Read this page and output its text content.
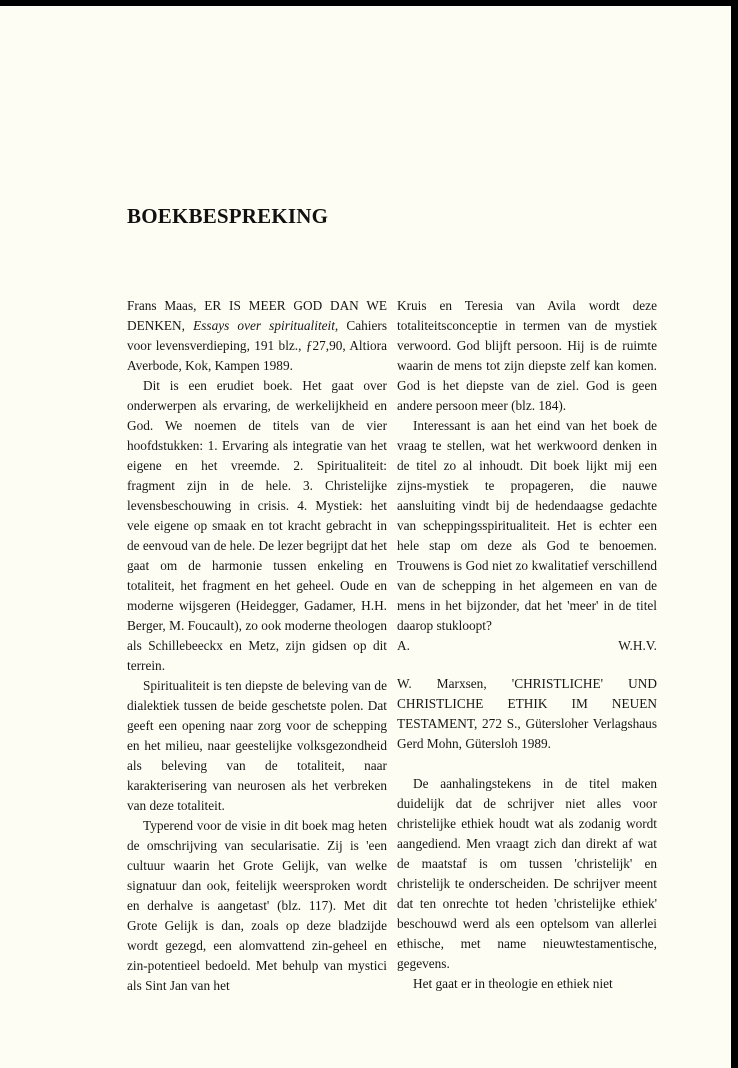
BOEKBESPREKING

Frans Maas, ER IS MEER GOD DAN WE DENKEN, Essays over spiritualiteit, Cahiers voor levensverdieping, 191 blz., ƒ27,90, Altiora Averbode, Kok, Kampen 1989.

Dit is een erudiet boek. Het gaat over onderwerpen als ervaring, de werkelijkheid en God. We noemen de titels van de vier hoofdstukken: 1. Ervaring als integratie van het eigene en het vreemde. 2. Spiritualiteit: fragment zijn in de hele. 3. Christelijke levensbeschouwing in crisis. 4. Mystiek: het vele eigene op smaak en tot kracht gebracht in de eenvoud van de hele. De lezer begrijpt dat het gaat om de harmonie tussen enkeling en totaliteit, het fragment en het geheel. Oude en moderne wijsgeren (Heidegger, Gadamer, H.H. Berger, M. Foucault), zo ook moderne theologen als Schillebeeckx en Metz, zijn gidsen op dit terrein.

Spiritualiteit is ten diepste de beleving van de dialektiek tussen de beide geschetste polen. Dat geeft een opening naar zorg voor de schepping en het milieu, naar geestelijke volksgezondheid als beleving van de totaliteit, naar karakterisering van neurosen als het verbreken van deze totaliteit.

Typerend voor de visie in dit boek mag heten de omschrijving van secularisatie. Zij is 'een cultuur waarin het Grote Gelijk, van welke signatuur dan ook, feitelijk weersproken wordt en derhalve is aangetast' (blz. 117). Met dit Grote Gelijk is dan, zoals op deze bladzijde wordt gezegd, een alomvattend zin-geheel en zin-potentieel bedoeld. Met behulp van mystici als Sint Jan van het

Kruis en Teresia van Avila wordt deze totaliteitsconceptie in termen van de mystiek verwoord. God blijft persoon. Hij is de ruimte waarin de mens tot zijn diepste zelf kan komen. God is het diepste van de ziel. God is geen andere persoon meer (blz. 184).

Interessant is aan het eind van het boek de vraag te stellen, wat het werkwoord denken in de titel zo al inhoudt. Dit boek lijkt mij een zijns-mystiek te propageren, die nauwe aansluiting vindt bij de hedendaagse gedachte van scheppingsspiritualiteit. Het is echter een hele stap om deze als God te benoemen. Trouwens is God niet zo kwalitatief verschillend van de schepping in het algemeen en van de mens in het bijzonder, dat het 'meer' in de titel daarop stukloopt?

A.	W.H.V.

W. Marxsen, 'CHRISTLICHE' UND CHRISTLICHE ETHIK IM NEUEN TESTAMENT, 272 S., Gütersloher Verlagshaus Gerd Mohn, Gütersloh 1989.

De aanhalingstekens in de titel maken duidelijk dat de schrijver niet alles voor christelijke ethiek houdt wat als zodanig wordt aangediend. Men vraagt zich dan direkt af wat de maatstaf is om tussen 'christelijk' en christelijk te onderscheiden. De schrijver meent dat ten onrechte tot heden 'christelijke ethiek' beschouwd werd als een optelsom van allerlei ethische, met name nieuwtestamentische, gegevens.

Het gaat er in theologie en ethiek niet
